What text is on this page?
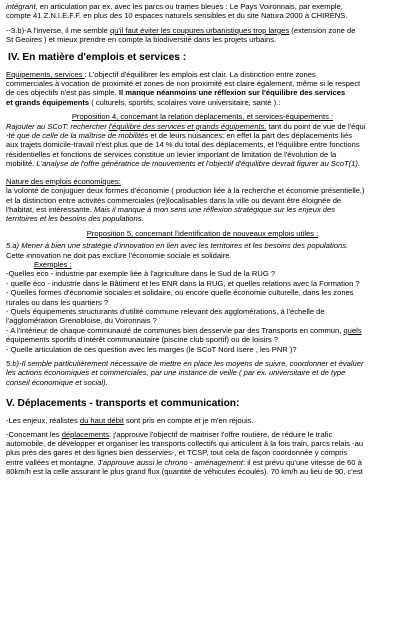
intégrant, en articulation par ex. avec les parcs ou trames bleues : Le Pays Voironnais, par exemple,

compte 41 Z.N.I.E.F.F. en plus des 10 espaces naturels sensibles et du site Natura 2000 à CHIRENS.

--3.b)-A l'inverse, il me semble qu'il faut éviter les coupures urbanistiques trop larges (extension zone de

St Geoires ) et mieux prendre en compte la biodiversité dans les projets urbains.

IV. En matière d'emplois et services :

Equipements, services : L'objectif d'équilibrer les emplois est clair. La distinction entre zones

commerciales à vocation de proximité et zones de non proximité est claire également, même si le respect

de ces objectifs n'est pas simple. Il manque néanmoins une réflexion sur l'équilibre des services

et grands équipements ( culturels, sportifs, scolaires voire universitaire, santé ).:

Proposition 4, concernant la relation déplacements, et services-équipements :

Rajouter au SCoT: rechercher l'équilibre des services et grands équipements, tant du point de vue de l'équi

-té que de celle de la maîtrise de mobilités et de leurs nuisances: en effet la part des déplacements liés

aux trajets domicile-travail n'est plus que de 14 % du total des déplacements, et l'équilibre entre fonctions

résidentielles et fonctions de services constitue un levier important de limitation de l'évolution de la

mobilité. L'analyse de l'offre génératrice de mouvements et l'objectif d'équilibre devrait figurer au ScoT(1).

Nature des emplois économiques:

la volonté de conjuguer deux formes d'économie ( production liée à la recherche et économie présentielle,)

et la distinction entre activités commerciales (re)localisables dans la ville ou devant être éloignée de

l'habitat, est intéressante. Mais il manque à mon sens une réflexion stratégique sur les enjeux des

territoires et les besoins des populations.

Proposition 5, concernant l'identification de nouveaux emplois utiles :

5.a) Mener à bien une stratégie d'innovation en lien avec les territoires et les besoins des populations.

Cette innovation ne doit pas exclure l'économie sociale et solidaire.

Exemples :

-Quelles eco - industrie par exemple liée à l'agriculture dans le Sud de la RUG ?

- quelle éco - industrie dans le Bâtiment et les ENR dans la RUG, et quelles relations avec la Formation ?

- Quelles formes d'économie sociales et solidaire, ou encore quelle économie culturelle, dans les zones

rurales ou dans les quartiers ?

- Quels équipements structurants d'utilité commune relevant des agglomérations, à l'échelle de

l'agglomération Grenobloise, du Voironnais ?

- A l'intérieur de chaque communauté de communes bien desservie par des Transports en commun, quels

équipements sportifs d'intérêt communautaire (piscine club sportif) ou de loisirs ?

- Quelle articulation de ces question avec les marges (le SCoT Nord Isere , les PNR )?

5.b)-Il semble particulièrement nécessaire de mettre en place les moyens de suivre, coordonner et évaluer

les actions économiques et commerciales, par une instance de veille ( par ex. universitaire et de type

conseil économique et social).

V. Déplacements - transports et communication:

-Les enjeux, réalistes du haut débit sont pris en compte et je m'en réjouis.

-Concernant les déplacements: j'approuve l'objectif de maitriser l'offre routière, de réduire le trafic

automobile, de développer et organiser les transports collectifs qui articulent à la fois train, parcs relais -au

plus près des gares et des lignes bien desservies-, et TCSP, tout cela de façon coordonnée y compris

entre vallées et montagne. J'approuve aussi le chrono - aménagement: il est prévu qu'une vitesse de 60 à

80km/h est la celle assurant le plus grand flux (quantité de véhicules écoulés). 70 km/h au lieu de 90, c'est
